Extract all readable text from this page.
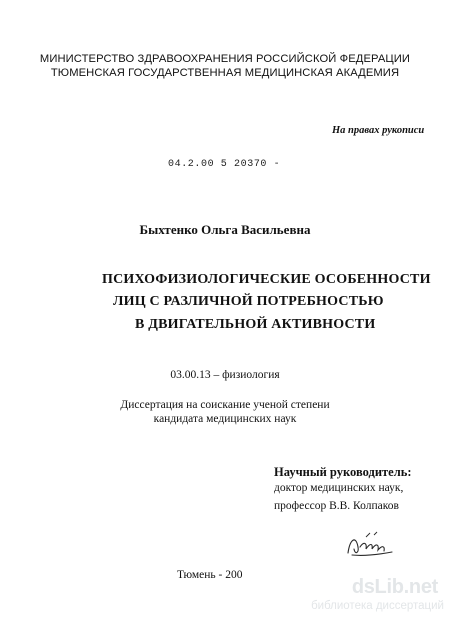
МИНИСТЕРСТВО ЗДРАВООХРАНЕНИЯ РОССИЙСКОЙ ФЕДЕРАЦИИ
ТЮМЕНСКАЯ ГОСУДАРСТВЕННАЯ МЕДИЦИНСКАЯ АКАДЕМИЯ
На правах рукописи
04.2.00 5 20370 -
Быхтенко Ольга Васильевна
ПСИХОФИЗИОЛОГИЧЕСКИЕ ОСОБЕННОСТИ
ЛИЦ С РАЗЛИЧНОЙ ПОТРЕБНОСТЬЮ
В ДВИГАТЕЛЬНОЙ АКТИВНОСТИ
03.00.13 – физиология
Диссертация на соискание ученой степени
кандидата медицинских наук
Научный руководитель:
доктор медицинских наук,
профессор В.В. Колпаков
Тюмень - 200
dsLib.net
библиотека диссертаций
